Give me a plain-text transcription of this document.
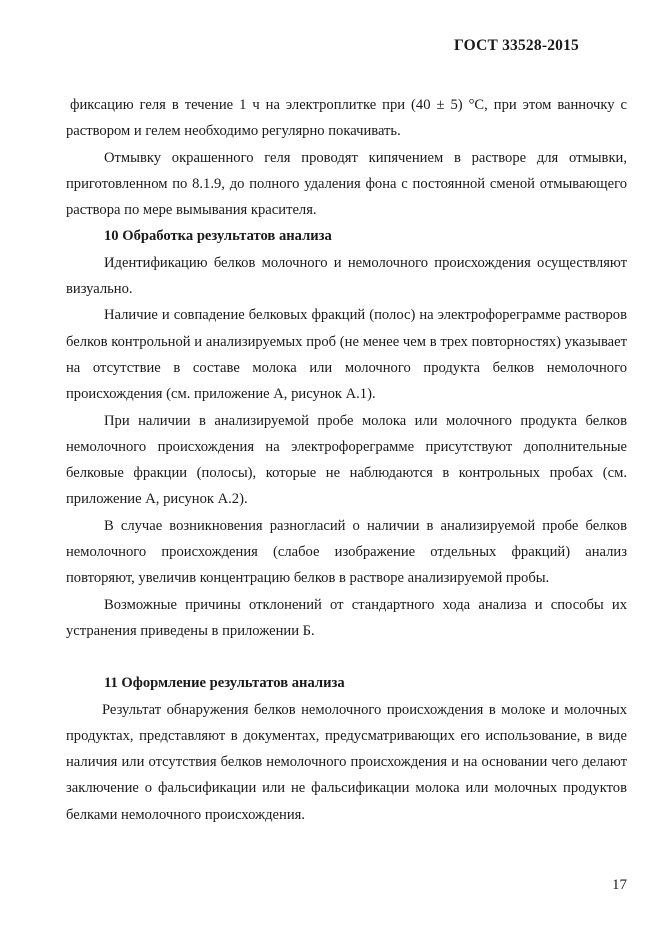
ГОСТ 33528-2015

фиксацию геля в течение 1 ч на электроплитке при (40 ± 5) °С, при этом ванночку с раствором и гелем необходимо регулярно покачивать.

Отмывку окрашенного геля проводят кипячением в растворе для отмывки, приготовленном по 8.1.9, до полного удаления фона с постоянной сменой отмывающего раствора по мере вымывания красителя.

10 Обработка результатов анализа

Идентификацию белков молочного и немолочного происхождения осуществляют визуально.

Наличие и совпадение белковых фракций (полос) на электрофореграмме растворов белков контрольной и анализируемых проб (не менее чем в трех повторностях) указывает на отсутствие в составе молока или молочного продукта белков немолочного происхождения (см. приложение А, рисунок А.1).

При наличии в анализируемой пробе молока или молочного продукта белков немолочного происхождения на электрофореграмме присутствуют дополнительные белковые фракции (полосы), которые не наблюдаются в контрольных пробах (см. приложение А, рисунок А.2).

В случае возникновения разногласий о наличии в анализируемой пробе белков немолочного происхождения (слабое изображение отдельных фракций) анализ повторяют, увеличив концентрацию белков в растворе анализируемой пробы.

Возможные причины отклонений от стандартного хода анализа и способы их устранения приведены в приложении Б.

11 Оформление результатов анализа

Результат обнаружения белков немолочного происхождения в молоке и молочных продуктах, представляют в документах, предусматривающих его использование, в виде наличия или отсутствия белков немолочного происхождения и на основании чего делают заключение о фальсификации или не фальсификации молока или молочных продуктов белками немолочного происхождения.

17
